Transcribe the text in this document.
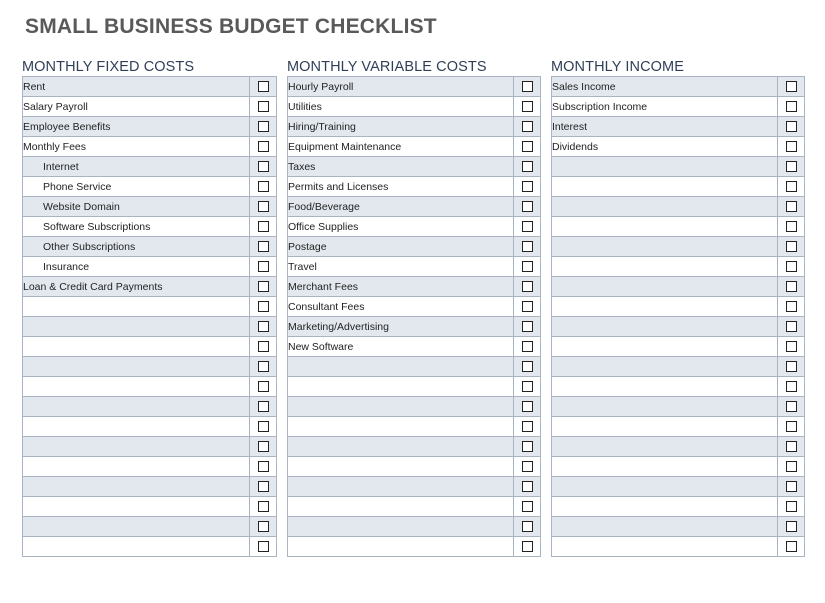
SMALL BUSINESS BUDGET CHECKLIST
MONTHLY FIXED COSTS
Rent	
Salary Payroll	
Employee Benefits	
Monthly Fees	
Internet	
Phone Service	
Website Domain	
Software Subscriptions	
Other Subscriptions	
Insurance	
Loan & Credit Card Payments	

MONTHLY VARIABLE COSTS
Hourly Payroll	
Utilities	
Hiring/Training	
Equipment Maintenance	
Taxes	
Permits and Licenses	
Food/Beverage	
Office Supplies	
Postage	
Travel	
Merchant Fees	
Consultant Fees	
Marketing/Advertising	
New Software	

MONTHLY INCOME
Sales Income	
Subscription Income	
Interest	
Dividends	
